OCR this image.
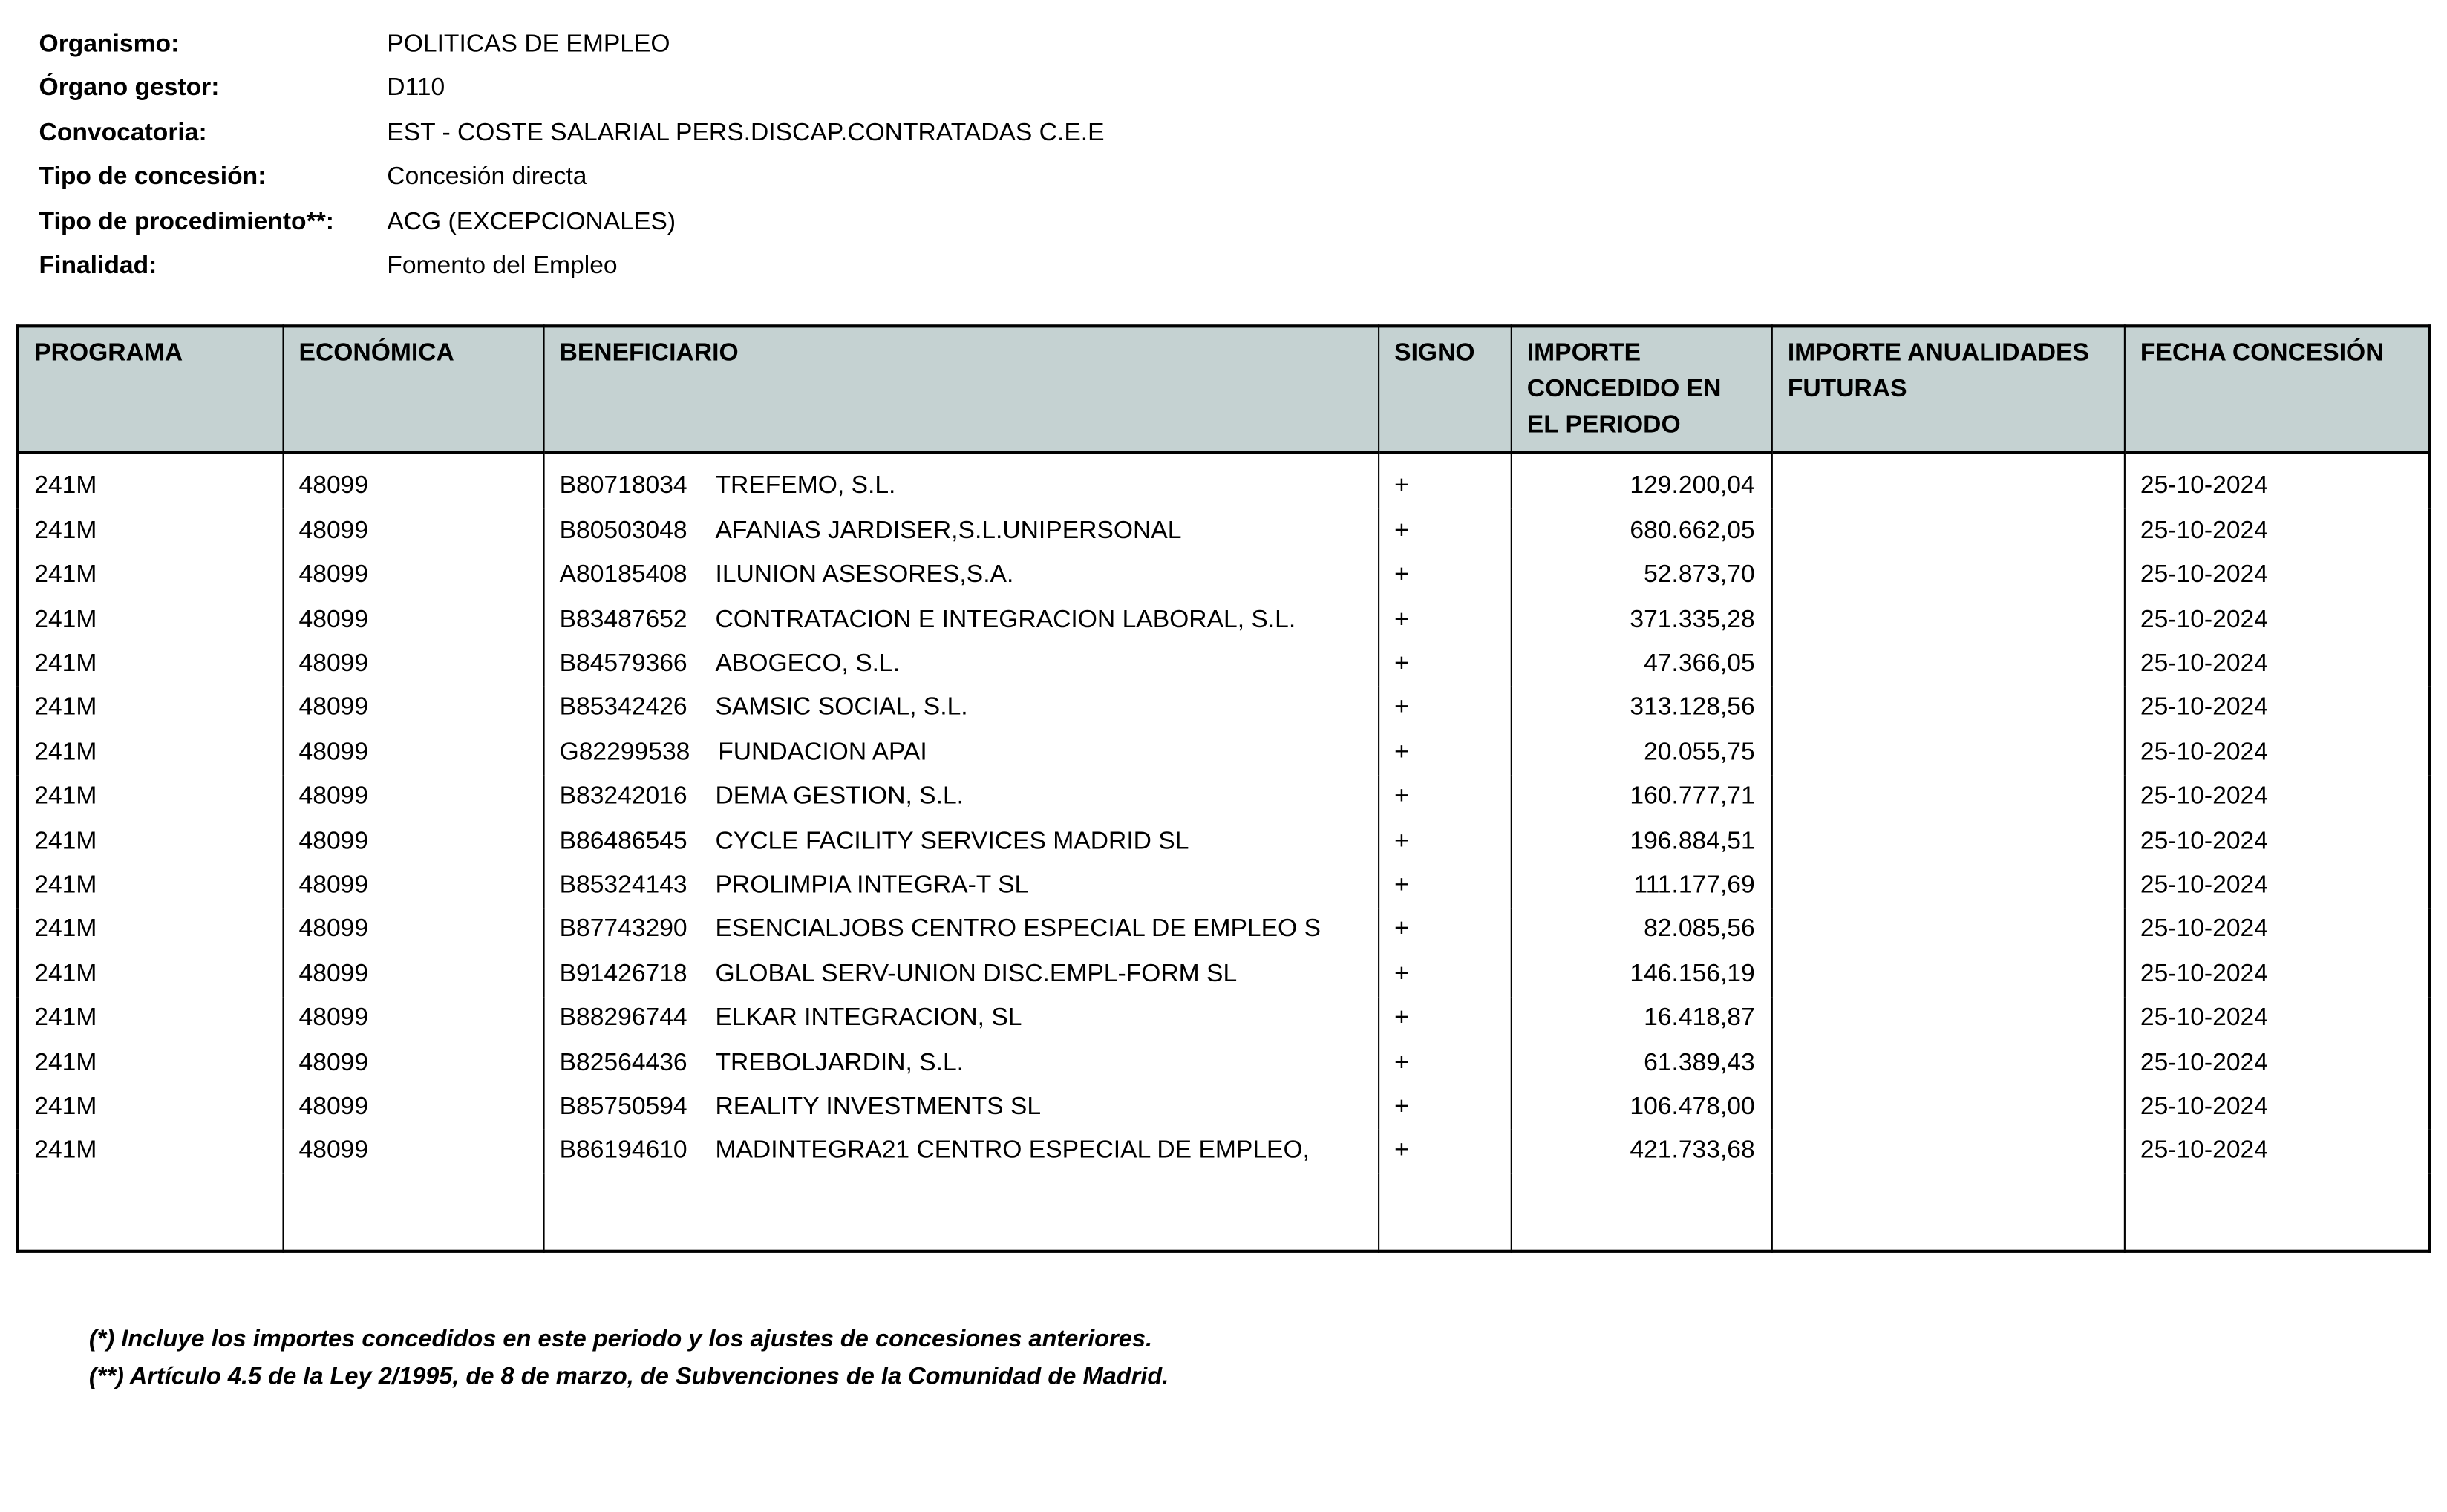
Organismo:	POLITICAS DE EMPLEO
Órgano gestor:	D110
Convocatoria:	EST - COSTE SALARIAL PERS.DISCAP.CONTRATADAS C.E.E
Tipo de concesión:	Concesión directa
Tipo de procedimiento**:	ACG (EXCEPCIONALES)
Finalidad:	Fomento del Empleo
PROGRAMA	ECONÓMICA	BENEFICIARIO	SIGNO	IMPORTE CONCEDIDO EN EL PERIODO	IMPORTE ANUALIDADES FUTURAS	FECHA CONCESIÓN
241M	48099	B80718034 TREFEMO, S.L.	+	129.200,04		25-10-2024
241M	48099	B80503048 AFANIAS JARDISER,S.L.UNIPERSONAL	+	680.662,05		25-10-2024
241M	48099	A80185408 ILUNION ASESORES,S.A.	+	52.873,70		25-10-2024
241M	48099	B83487652 CONTRATACION E INTEGRACION LABORAL, S.L.	+	371.335,28		25-10-2024
241M	48099	B84579366 ABOGECO, S.L.	+	47.366,05		25-10-2024
241M	48099	B85342426 SAMSIC SOCIAL, S.L.	+	313.128,56		25-10-2024
241M	48099	G82299538 FUNDACION APAI	+	20.055,75		25-10-2024
241M	48099	B83242016 DEMA GESTION, S.L.	+	160.777,71		25-10-2024
241M	48099	B86486545 CYCLE FACILITY SERVICES MADRID SL	+	196.884,51		25-10-2024
241M	48099	B85324143 PROLIMPIA INTEGRA-T SL	+	111.177,69		25-10-2024
241M	48099	B87743290 ESENCIALJOBS CENTRO ESPECIAL DE EMPLEO S	+	82.085,56		25-10-2024
241M	48099	B91426718 GLOBAL SERV-UNION DISC.EMPL-FORM SL	+	146.156,19		25-10-2024
241M	48099	B88296744 ELKAR INTEGRACION, SL	+	16.418,87		25-10-2024
241M	48099	B82564436 TREBOLJARDIN, S.L.	+	61.389,43		25-10-2024
241M	48099	B85750594 REALITY INVESTMENTS SL	+	106.478,00		25-10-2024
241M	48099	B86194610 MADINTEGRA21 CENTRO ESPECIAL DE EMPLEO,	+	421.733,68		25-10-2024

(*) Incluye los importes concedidos en este periodo y los ajustes de concesiones anteriores.
(**) Artículo 4.5 de la Ley 2/1995, de 8 de marzo, de Subvenciones de la Comunidad de Madrid.
